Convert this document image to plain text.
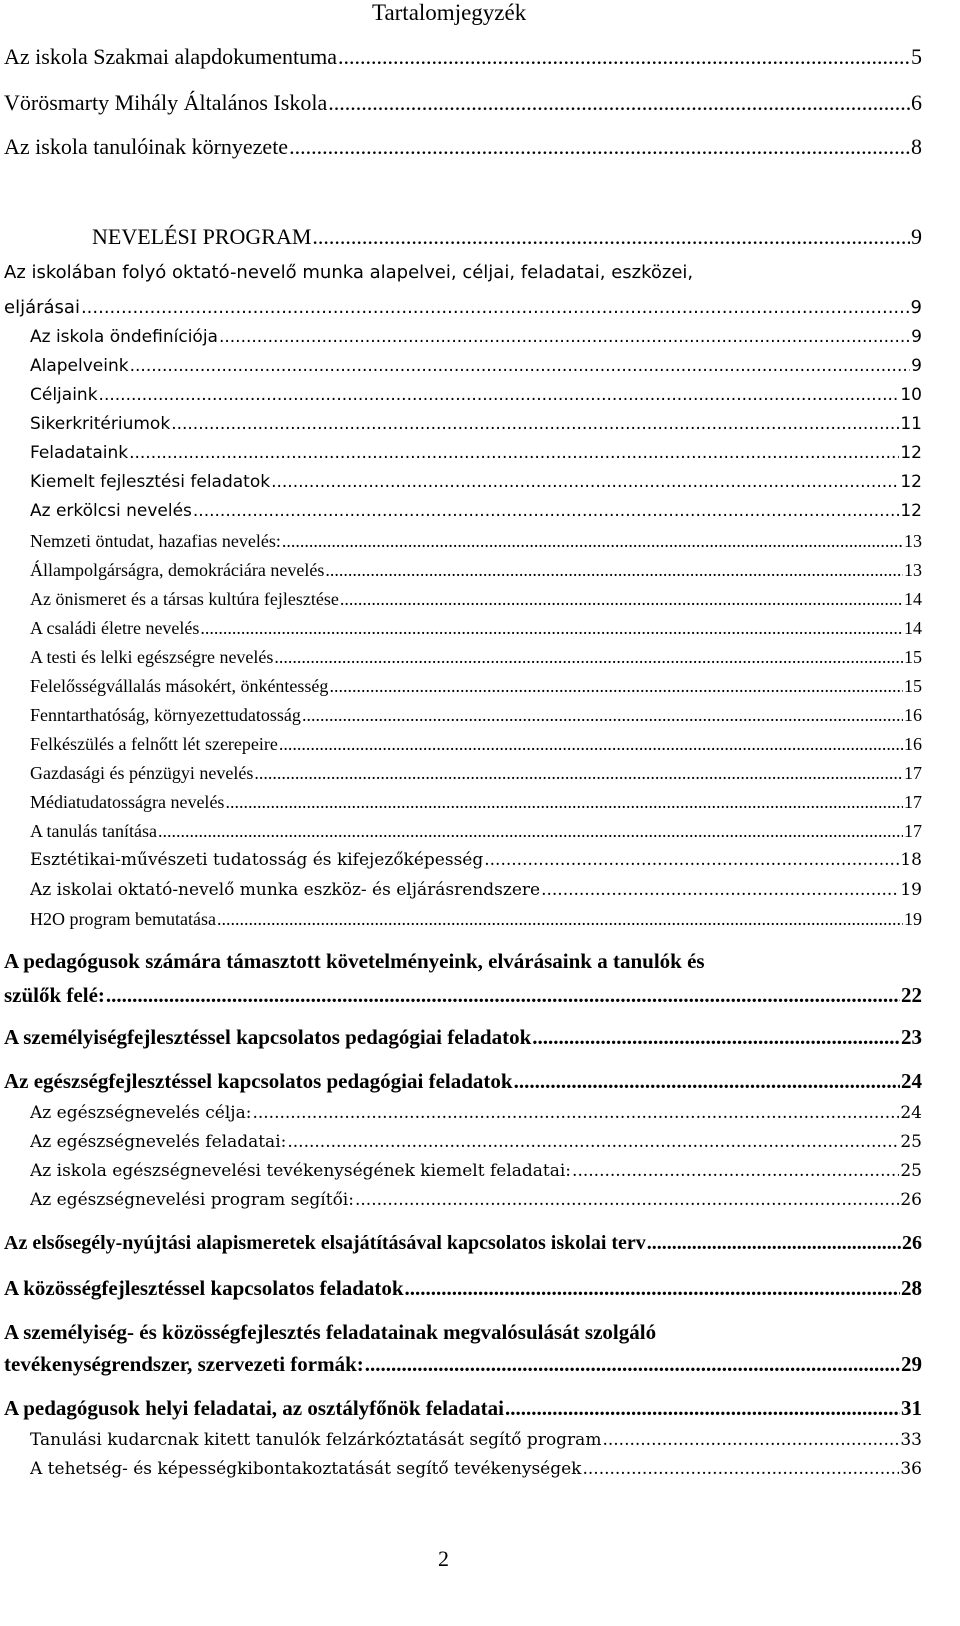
Tartalomjegyzék
Az iskola Szakmai alapdokumentuma .....	5
Vörösmarty Mihály Általános Iskola .....	6
Az iskola tanulóinak környezete .....	8
NEVELÉSI PROGRAM .....	9
Az iskolában folyó oktató-nevelő munka alapelvei, céljai, feladatai, eszközei,
eljárásai .....	9
Az iskola öndefiníciója .....	9
Alapelveink .....	9
Céljaink .....	10
Sikerkritériumok .....	11
Feladataink .....	12
Kiemelt fejlesztési feladatok .....	12
Az erkölcsi nevelés .....	12
Nemzeti öntudat, hazafias nevelés: .....	13
Állampolgárságra, demokráciára nevelés .....	13
Az önismeret és a társas kultúra fejlesztése .....	14
A családi életre nevelés .....	14
A testi és lelki egészségre nevelés .....	15
Felelősségvállalás másokért, önkéntesség .....	15
Fenntarthatóság, környezettudatosság .....	16
Felkészülés a felnőtt lét szerepeire .....	16
Gazdasági és pénzügyi nevelés .....	17
Médiatudatosságra nevelés .....	17
A tanulás tanítása .....	17
Esztétikai-művészeti tudatosság és kifejezőképesség .....	18
Az iskolai oktató-nevelő munka eszköz- és eljárásrendszere .....	19
H2O program bemutatása .....	19
A pedagógusok számára támasztott követelményeink, elvárásaink a tanulók és
szülők felé: .....	22
A személyiségfejlesztéssel kapcsolatos pedagógiai feladatok .....	23
Az egészségfejlesztéssel kapcsolatos pedagógiai feladatok .....	24
Az egészségnevelés célja: .....	24
Az egészségnevelés feladatai: .....	25
Az iskola egészségnevelési tevékenységének kiemelt feladatai: .....	25
Az egészségnevelési program segítői: .....	26
Az elsősegély-nyújtási alapismeretek elsajátításával kapcsolatos iskolai terv .....	26
A közösségfejlesztéssel kapcsolatos feladatok .....	28
A személyiség- és közösségfejlesztés feladatainak megvalósulását szolgáló
tevékenységrendszer, szervezeti formák: .....	29
A pedagógusok helyi feladatai, az osztályfőnök feladatai .....	31
Tanulási kudarcnak kitett tanulók felzárkóztatását segítő program .....	33
A tehetség- és képességkibontakoztatását segítő tevékenységek .....	36
2
